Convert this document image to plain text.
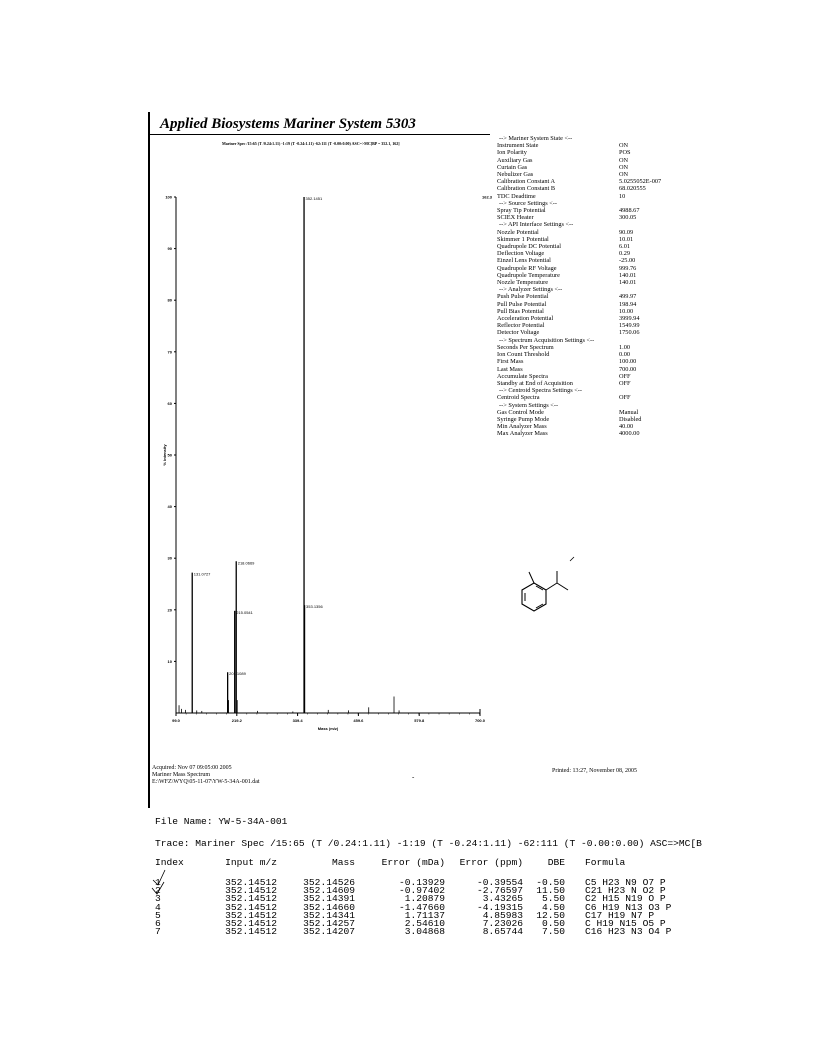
Applied Biosystems Mariner System 5303
Mariner Spec /15:65 (T /0.24:1.11) -1:19 (T -0.24:1.11) -62:111 (T -0.00:0.00) ASC=>MC[BP = 352.1, 162]
10
20
30
40
50
60
70
80
90
100
99.0	219.2	339.4	459.6	579.8	700.0
Mass (m/z)
% Intensity
162.3
131.0727
201.1089
215.0541
218.0669
352.1451
353.1356
--> Mariner System State <--
Instrument State	ON
Ion Polarity	POS
Auxiliary Gas	ON
Curtain Gas	ON
Nebulizer Gas	ON
Calibration Constant A	5.0255052E-007
Calibration Constant B	68.020555
TDC Deadtime	10
--> Source Settings <--
Spray Tip Potential	4988.67
SCIEX Heater	300.05
--> API Interface Settings <--
Nozzle Potential	90.09
Skimmer 1 Potential	10.01
Quadrupole DC Potential	6.01
Deflection Voltage	0.29
Einzel Lens Potential	-25.00
Quadrupole RF Voltage	999.76
Quadrupole Temperature	140.01
Nozzle Temperature	140.01
--> Analyzer Settings <--
Push Pulse Potential	499.97
Pull Pulse Potential	198.94
Pull Bias Potential	10.00
Acceleration Potential	3999.94
Reflector Potential	1549.99
Detector Voltage	1750.06
--> Spectrum Acquisition Settings <--
Seconds Per Spectrum	1.00
Ion Count Threshold	0.00
First Mass	100.00
Last Mass	700.00
Accumulate Spectra	OFF
Standby at End of Acquisition	OFF
--> Centroid Spectra Settings <--
Centroid Spectra	OFF
--> System Settings <--
Gas Control Mode	Manual
Syringe Pump Mode	Disabled
Min Analyzer Mass	40.00
Max Analyzer Mass	4000.00
Acquired: Nov 07 09:05:00 2005
Mariner Mass Spectrum
E:\WFZ\WYQ\05-11-07\YW-5-34A-001.dat
-
Printed: 13:27, November 08, 2005
File Name: YW-5-34A-001
Trace: Mariner Spec /15:65 (T /0.24:1.11) -1:19 (T -0.24:1.11) -62:111 (T -0.00:0.00) ASC=>MC[B
Index	Input m/z	Mass	Error (mDa)	Error (ppm)	DBE	Formula
1	352.14512	352.14526	-0.13929	-0.39554	-0.50	C5 H23 N9 O7 P
2	352.14512	352.14609	-0.97402	-2.76597	11.50	C21 H23 N O2 P
3	352.14512	352.14391	1.20879	3.43265	5.50	C2 H15 N19 O P
4	352.14512	352.14660	-1.47660	-4.19315	4.50	C6 H19 N13 O3 P
5	352.14512	352.14341	1.71137	4.85983	12.50	C17 H19 N7 P
6	352.14512	352.14257	2.54610	7.23026	0.50	C H19 N15 O5 P
7	352.14512	352.14207	3.04868	8.65744	7.50	C16 H23 N3 O4 P
